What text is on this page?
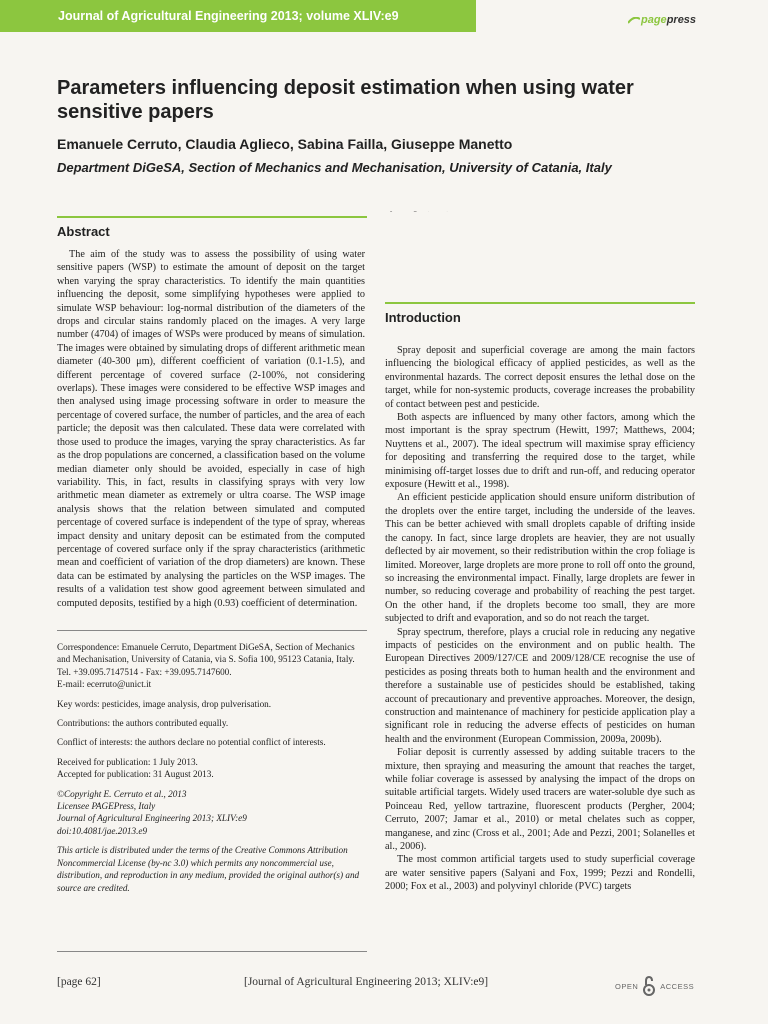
Journal of Agricultural Engineering 2013; volume XLIV:e9	page press
Parameters influencing deposit estimation when using water sensitive papers
Emanuele Cerruto, Claudia Aglieco, Sabina Failla, Giuseppe Manetto
Department DiGeSA, Section of Mechanics and Mechanisation, University of Catania, Italy
Abstract

The aim of the study was to assess the possibility of using water sensitive papers (WSP) to estimate the amount of deposit on the target when varying the spray characteristics. To identify the main quantities influencing the deposit, some simplifying hypotheses were applied to simulate WSP behaviour: log-normal distribution of the diameters of the drops and circular stains randomly placed on the images. A very large number (4704) of images of WSPs were produced by means of simulation. The images were obtained by simulating drops of different arithmetic mean diameter (40-300 μm), different coefficient of variation (0.1-1.5), and different percentage of covered surface (2-100%, not considering overlaps). These images were considered to be effective WSP images and then analysed using image processing software in order to measure the percentage of covered surface, the number of particles, and the area of each particle; the deposit was then calculated. These data were correlated with those used to produce the images, varying the spray characteristics. As far as the drop populations are concerned, a classification based on the volume median diameter only should be avoided, especially in case of high variability. This, in fact, results in classifying sprays with very low arithmetic mean diameter as extremely or ultra coarse. The WSP image analysis shows that the relation between simulated and computed percentage of covered surface is independent of the type of spray, whereas impact density and unitary deposit can be estimated from the computed percentage of covered surface only if the spray characteristics (arithmetic mean and coefficient of variation of the drop diameters) are known. These data can be estimated by analysing the particles on the WSP images. The results of a validation test show good agreement between simulated and computed deposits, testified by a high (0.93) coefficient of determination.

Correspondence: Emanuele Cerruto, Department DiGeSA, Section of Mechanics and Mechanisation, University of Catania, via S. Sofia 100, 95123 Catania, Italy.
Tel. +39.095.7147514 - Fax: +39.095.7147600.
E-mail: ecerruto@unict.it

Key words: pesticides, image analysis, drop pulverisation.

Contributions: the authors contributed equally.

Conflict of interests: the authors declare no potential conflict of interests.

Received for publication: 1 July 2013.
Accepted for publication: 31 August 2013.

©Copyright E. Cerruto et al., 2013
Licensee PAGEPress, Italy
Journal of Agricultural Engineering 2013; XLIV:e9
doi:10.4081/jae.2013.e9

This article is distributed under the terms of the Creative Commons Attribution Noncommercial License (by-nc 3.0) which permits any noncommercial use, distribution, and reproduction in any medium, provided the original author(s) and source are credited.

Introduction

Spray deposit and superficial coverage are among the main factors influencing the biological efficacy of applied pesticides, as well as the environmental hazards. The correct deposit ensures the lethal dose on the target, while for non-systemic products, coverage increases the probability of contact between pest and pesticide.

Both aspects are influenced by many other factors, among which the most important is the spray spectrum (Hewitt, 1997; Matthews, 2004; Nuyttens et al., 2007). The ideal spectrum will maximise spray efficiency for depositing and transferring the required dose to the target, while minimising off-target losses due to drift and run-off, and reducing operator exposure (Hewitt et al., 1998).

An efficient pesticide application should ensure uniform distribution of the droplets over the entire target, including the underside of the leaves. This can be better achieved with small droplets capable of drifting inside the canopy. In fact, since large droplets are heavier, they are not usually deflected by air movement, so their redistribution within the crop foliage is limited. Moreover, large droplets are more prone to roll off onto the ground, so increasing the environmental impact. Finally, large droplets are fewer in number, so reducing coverage and probability of reaching the pest target. On the other hand, if the droplets become too small, they are more subjected to drift and evaporation, and so do not reach the target.

Spray spectrum, therefore, plays a crucial role in reducing any negative impacts of pesticides on the environment and on public health. The European Directives 2009/127/CE and 2009/128/CE recognise the use of pesticides as posing threats both to human health and the environment and therefore a sustainable use of pesticides should be established, taking account of precautionary and preventive approaches. Moreover, the design, construction and maintenance of machinery for pesticide application play a significant role in reducing the adverse effects of pesticides on human health and the environment (European Commission, 2009a, 2009b).

Foliar deposit is currently assessed by adding suitable tracers to the mixture, then spraying and measuring the amount that reaches the target, while foliar coverage is assessed by analysing the impact of the drops on suitable artificial targets. Widely used tracers are water-soluble dye such as Poinceau Red, yellow tartrazine, fluorescent products (Pergher, 2004; Cerruto, 2007; Jamar et al., 2010) or metal chelates such as copper, manganese, and zinc (Cross et al., 2001; Ade and Pezzi, 2001; Solanelles et al., 2006).

The most common artificial targets used to study superficial coverage are water sensitive papers (Salyani and Fox, 1999; Pezzi and Rondelli, 2000; Fox et al., 2003) and polyvinyl chloride (PVC) targets

[page 62]	[Journal of Agricultural Engineering 2013; XLIV:e9]	OPEN	ACCESS
